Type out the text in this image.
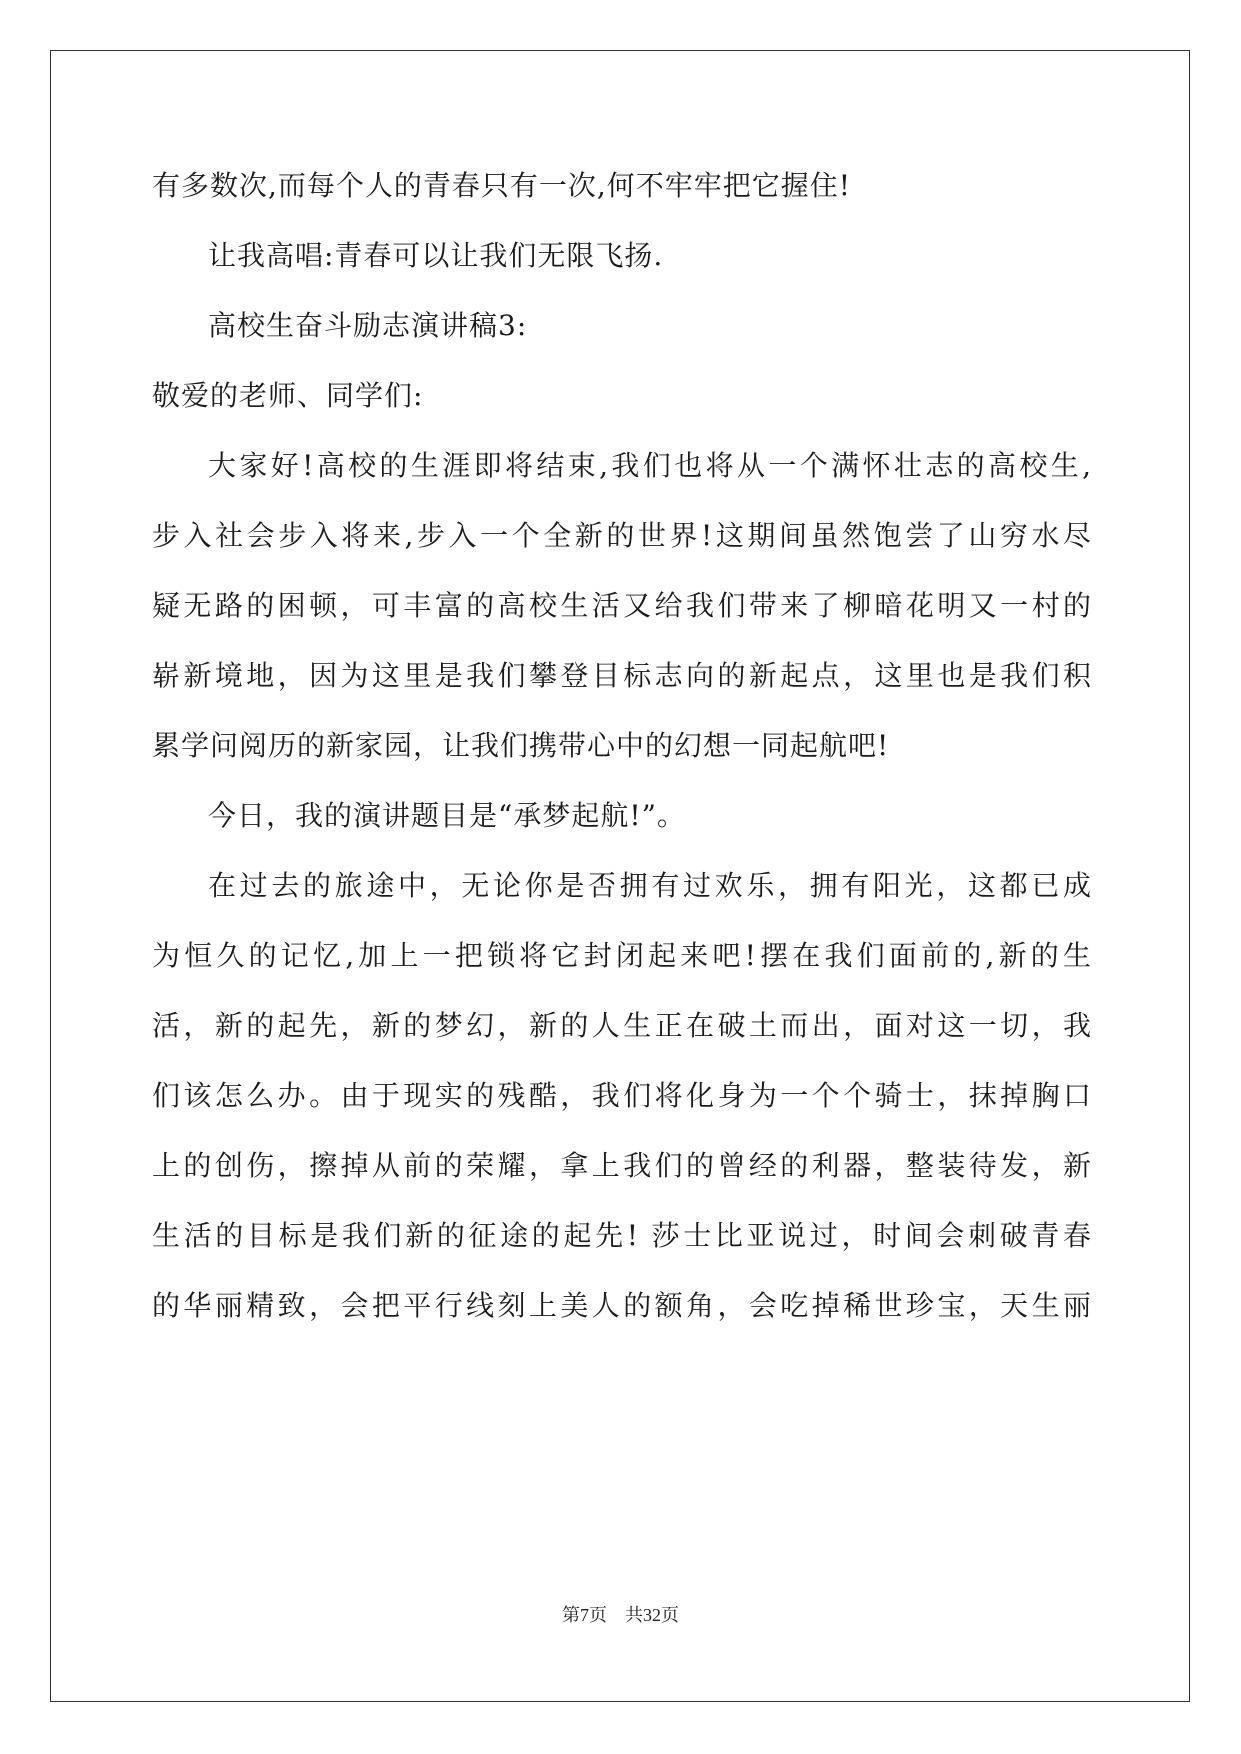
有多数次,而每个人的青春只有一次,何不牢牢把它握住!
让我高唱:青春可以让我们无限飞扬.
高校生奋斗励志演讲稿3:
敬爱的老师、同学们:
大家好!高校的生涯即将结束,我们也将从一个满怀壮志的高校生,
步入社会步入将来,步入一个全新的世界!这期间虽然饱尝了山穷水尽
疑无路的困顿，可丰富的高校生活又给我们带来了柳暗花明又一村的
崭新境地，因为这里是我们攀登目标志向的新起点，这里也是我们积
累学问阅历的新家园，让我们携带心中的幻想一同起航吧!
今日，我的演讲题目是“承梦起航!”。
在过去的旅途中，无论你是否拥有过欢乐，拥有阳光，这都已成
为恒久的记忆,加上一把锁将它封闭起来吧!摆在我们面前的,新的生
活，新的起先，新的梦幻，新的人生正在破土而出，面对这一切，我
们该怎么办。由于现实的残酷，我们将化身为一个个骑士，抹掉胸口
上的创伤，擦掉从前的荣耀，拿上我们的曾经的利器，整装待发，新
生活的目标是我们新的征途的起先! 莎士比亚说过，时间会刺破青春
的华丽精致，会把平行线刻上美人的额角，会吃掉稀世珍宝，天生丽
第7页 共32页
